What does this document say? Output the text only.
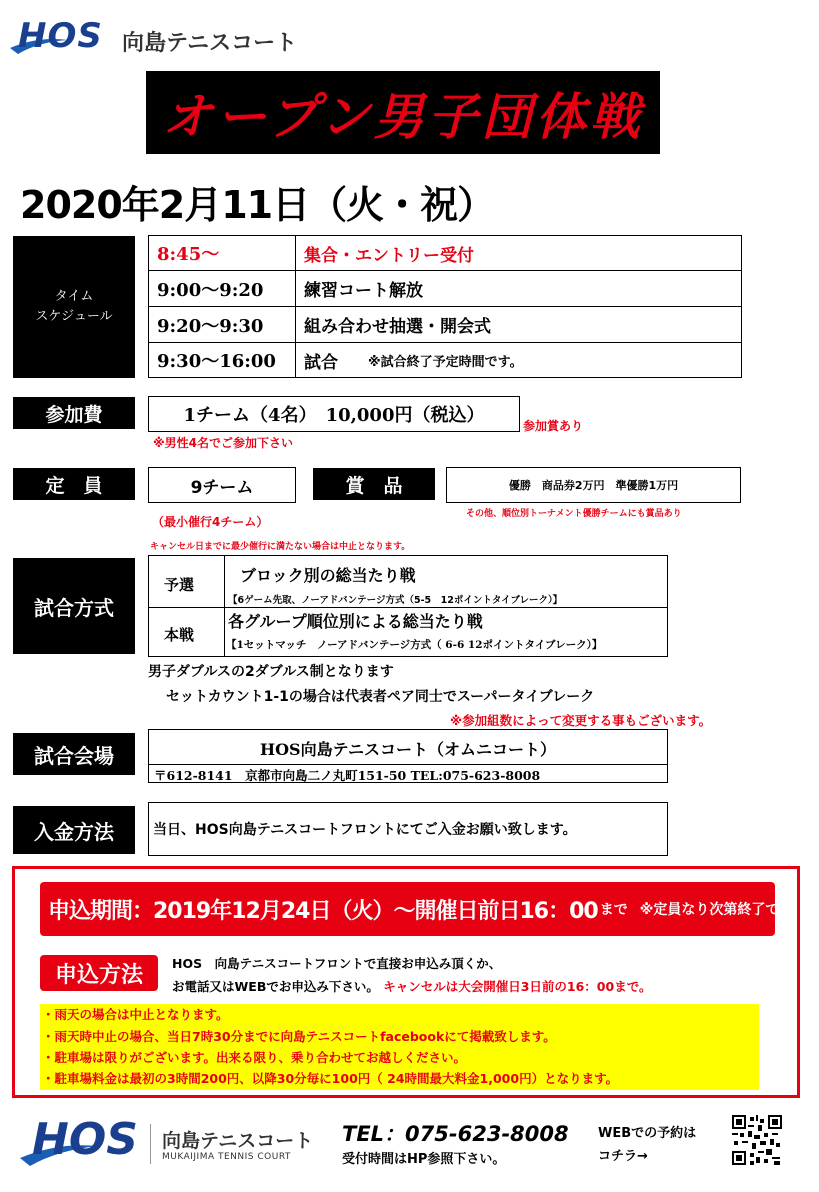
HOS 向島テニスコート
オープン男子団体戦
2020年2月11日（火・祝）
タイム
スケジュール
8:45～	集合・エントリー受付
9:00～9:20	練習コート解放
9:20～9:30	組み合わせ抽選・開会式
9:30～16:00	試合 ※試合終了予定時間です。
参加費	1チーム（4名）　10,000円（税込）
※男性4名でご参加下さい
参加賞あり
定　員	9チーム
（最小催行4チーム）
キャンセル日までに最少催行に満たない場合は中止となります。
賞　品	優勝　商品券2万円　準優勝1万円
その他、順位別トーナメント優勝チームにも賞品あり
試合方式
予選	ブロック別の総当たり戦
【6ゲーム先取、ノーアドバンテージ方式（5-5　12ポイントタイブレーク）】
本戦
各グループ順位別による総当たり戦
【1セットマッチ　ノーアドバンテージ方式（ 6-6 12ポイントタイブレーク）】
男子ダブルスの2ダブルス制となります
セットカウント1-1の場合は代表者ペア同士でスーパータイブレーク
※参加組数によって変更する事もございます。
試合会場	HOS向島テニスコート（オムニコート）
〒612-8141　京都市向島二ノ丸町151-50 TEL:075-623-8008
入金方法	当日、HOS向島テニスコートフロントにてご入金お願い致します。
申込期間：2019年12月24日（火）～開催日前日16：00 まで ※定員なり次第終了です。
申込方法 HOS　向島テニスコートフロントで直接お申込み頂くか、
お電話又はWEBでお申込み下さい。 キャンセルは大会開催日3日前の16：00まで。
・雨天の場合は中止となります。
・雨天時中止の場合、当日7時30分までに向島テニスコートfacebookにて掲載致します。
・駐車場は限りがございます。出来る限り、乗り合わせてお越しください。
・駐車場料金は最初の3時間200円、以降30分毎に100円（ 24時間最大料金1,000円）となります。
HOS 向島テニスコート
MUKAIJIMA TENNIS COURT
TEL：075-623-8008
受付時間はHP参照下さい。
WEBでの予約は
コチラ→
